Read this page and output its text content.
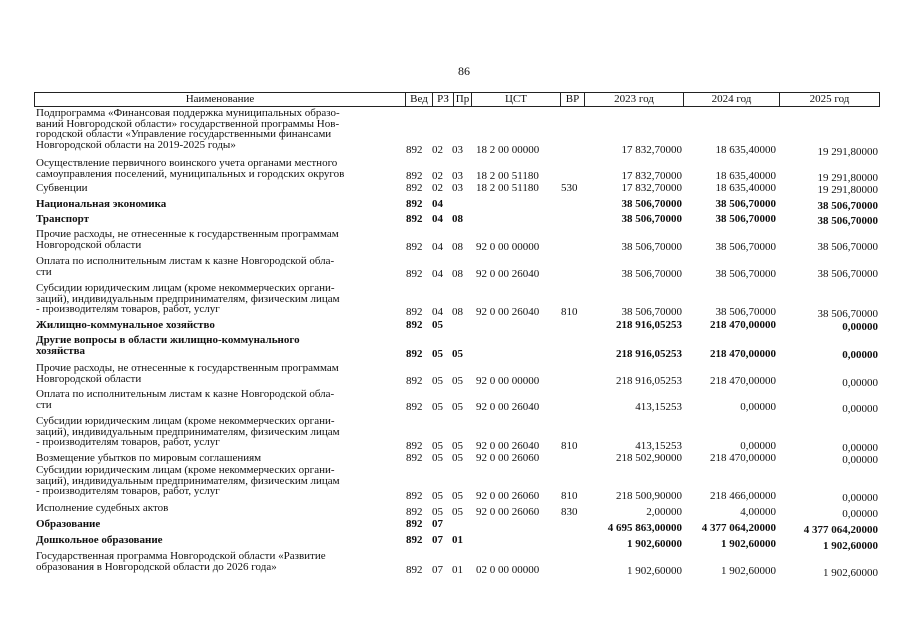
86
Наименование	Вед РЗ Пр	ЦСТ	ВР	2023 год	2024 год	2025 год
Подпрограмма «Финансовая поддержка муниципальных образо-
ваний Новгородской области» государственной программы Нов-
городской области «Управление государственными финансами
Новгородской области на 2019-2025 годы»	892 02 03 18 2 00 00000	17 832,70000	18 635,40000	19 291,80000
Осуществление первичного воинского учета органами местного
самоуправления поселений, муниципальных и городских округов	892 02 03 18 2 00 51180	17 832,70000	18 635,40000	19 291,80000
Субвенции	892 02 03 18 2 00 51180 530	17 832,70000	18 635,40000	19 291,80000
Национальная экономика	892 04	38 506,70000	38 506,70000	38 506,70000
Транспорт	892 04 08	38 506,70000	38 506,70000	38 506,70000
Прочие расходы, не отнесенные к государственным программам
Новгородской области	892 04 08 92 0 00 00000	38 506,70000	38 506,70000	38 506,70000
Оплата по исполнительным листам к казне Новгородской обла-
сти	892 04 08 92 0 00 26040	38 506,70000	38 506,70000	38 506,70000
Субсидии юридическим лицам (кроме некоммерческих органи-
заций), индивидуальным предпринимателям, физическим лицам
- производителям товаров, работ, услуг	892 04 08 92 0 00 26040 810	38 506,70000	38 506,70000	38 506,70000
Жилищно-коммунальное хозяйство	892 05	218 916,05253	218 470,00000	0,00000
Другие вопросы в области жилищно-коммунального
хозяйства	892 05 05	218 916,05253	218 470,00000	0,00000
Прочие расходы, не отнесенные к государственным программам
Новгородской области	892 05 05 92 0 00 00000	218 916,05253	218 470,00000	0,00000
Оплата по исполнительным листам к казне Новгородской обла-
сти	892 05 05 92 0 00 26040	413,15253	0,00000	0,00000
Субсидии юридическим лицам (кроме некоммерческих органи-
заций), индивидуальным предпринимателям, физическим лицам
- производителям товаров, работ, услуг	892 05 05 92 0 00 26040 810	413,15253	0,00000	0,00000
Возмещение убытков по мировым соглашениям	892 05 05 92 0 00 26060	218 502,90000	218 470,00000	0,00000
Субсидии юридическим лицам (кроме некоммерческих органи-
заций), индивидуальным предпринимателям, физическим лицам
- производителям товаров, работ, услуг	892 05 05 92 0 00 26060 810	218 500,90000	218 466,00000	0,00000
Исполнение судебных актов	892 05 05 92 0 00 26060 830	2,00000	4,00000	0,00000
Образование	892 07	4 695 863,00000	4 377 064,20000	4 377 064,20000
Дошкольное образование	892 07 01	1 902,60000	1 902,60000	1 902,60000
Государственная программа Новгородской области «Развитие
образования в Новгородской области до 2026 года»	892 07 01 02 0 00 00000	1 902,60000	1 902,60000	1 902,60000
